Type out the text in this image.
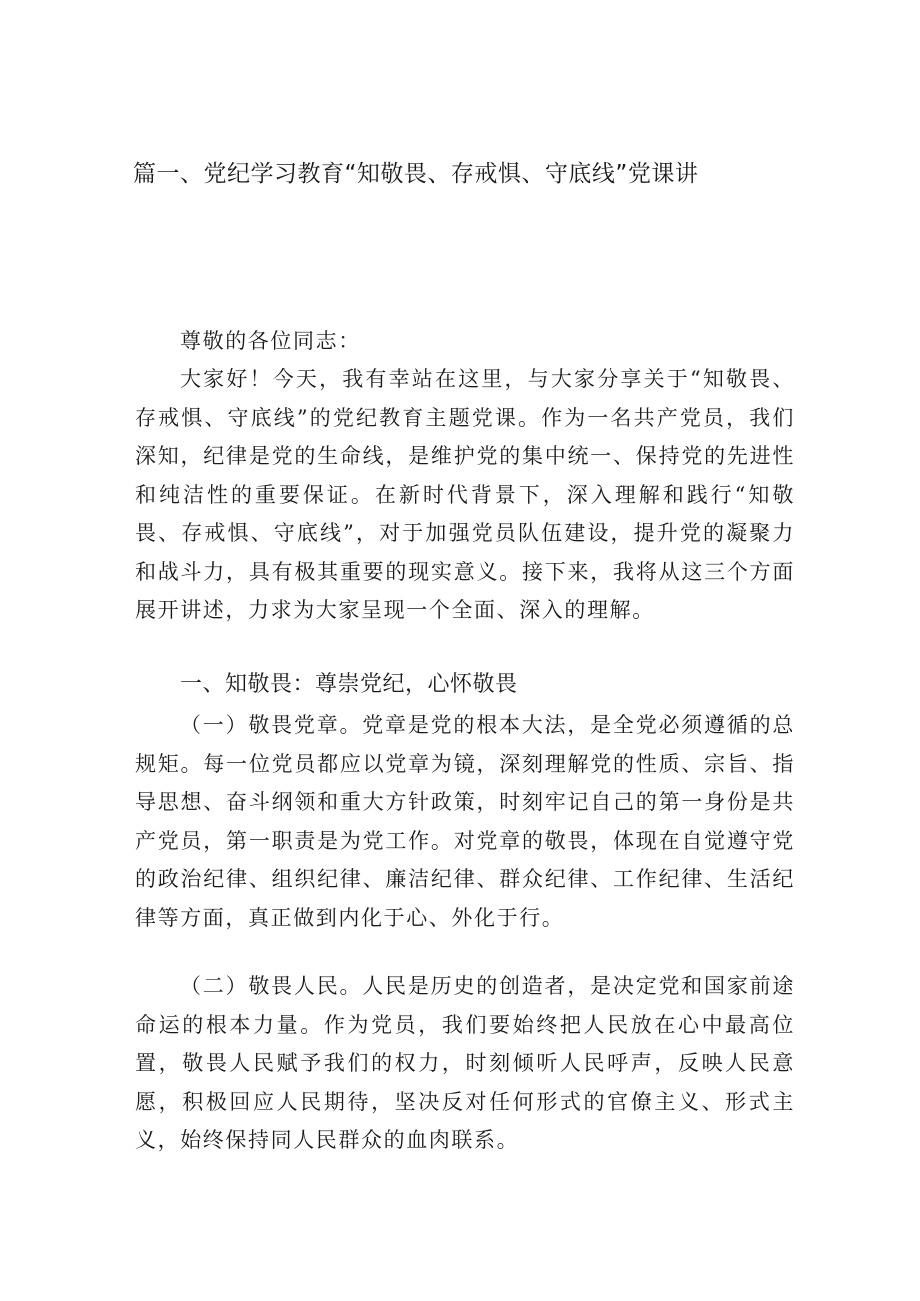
篇一、党纪学习教育“知敬畏、存戒惧、守底线”党课讲
尊敬的各位同志：

大家好！今天，我有幸站在这里，与大家分享关于“知敬畏、存戒惧、守底线”的党纪教育主题党课。作为一名共产党员，我们深知，纪律是党的生命线，是维护党的集中统一、保持党的先进性和纯洁性的重要保证。在新时代背景下，深入理解和践行“知敬畏、存戒惧、守底线”，对于加强党员队伍建设，提升党的凝聚力和战斗力，具有极其重要的现实意义。接下来，我将从这三个方面展开讲述，力求为大家呈现一个全面、深入的理解。

一、知敬畏：尊崇党纪，心怀敬畏

（一）敬畏党章。党章是党的根本大法，是全党必须遵循的总规矩。每一位党员都应以党章为镜，深刻理解党的性质、宗旨、指导思想、奋斗纲领和重大方针政策，时刻牢记自己的第一身份是共产党员，第一职责是为党工作。对党章的敬畏，体现在自觉遵守党的政治纪律、组织纪律、廉洁纪律、群众纪律、工作纪律、生活纪律等方面，真正做到内化于心、外化于行。

（二）敬畏人民。人民是历史的创造者，是决定党和国家前途命运的根本力量。作为党员，我们要始终把人民放在心中最高位置，敬畏人民赋予我们的权力，时刻倾听人民呼声，反映人民意愿，积极回应人民期待，坚决反对任何形式的官僚主义、形式主义，始终保持同人民群众的血肉联系。
